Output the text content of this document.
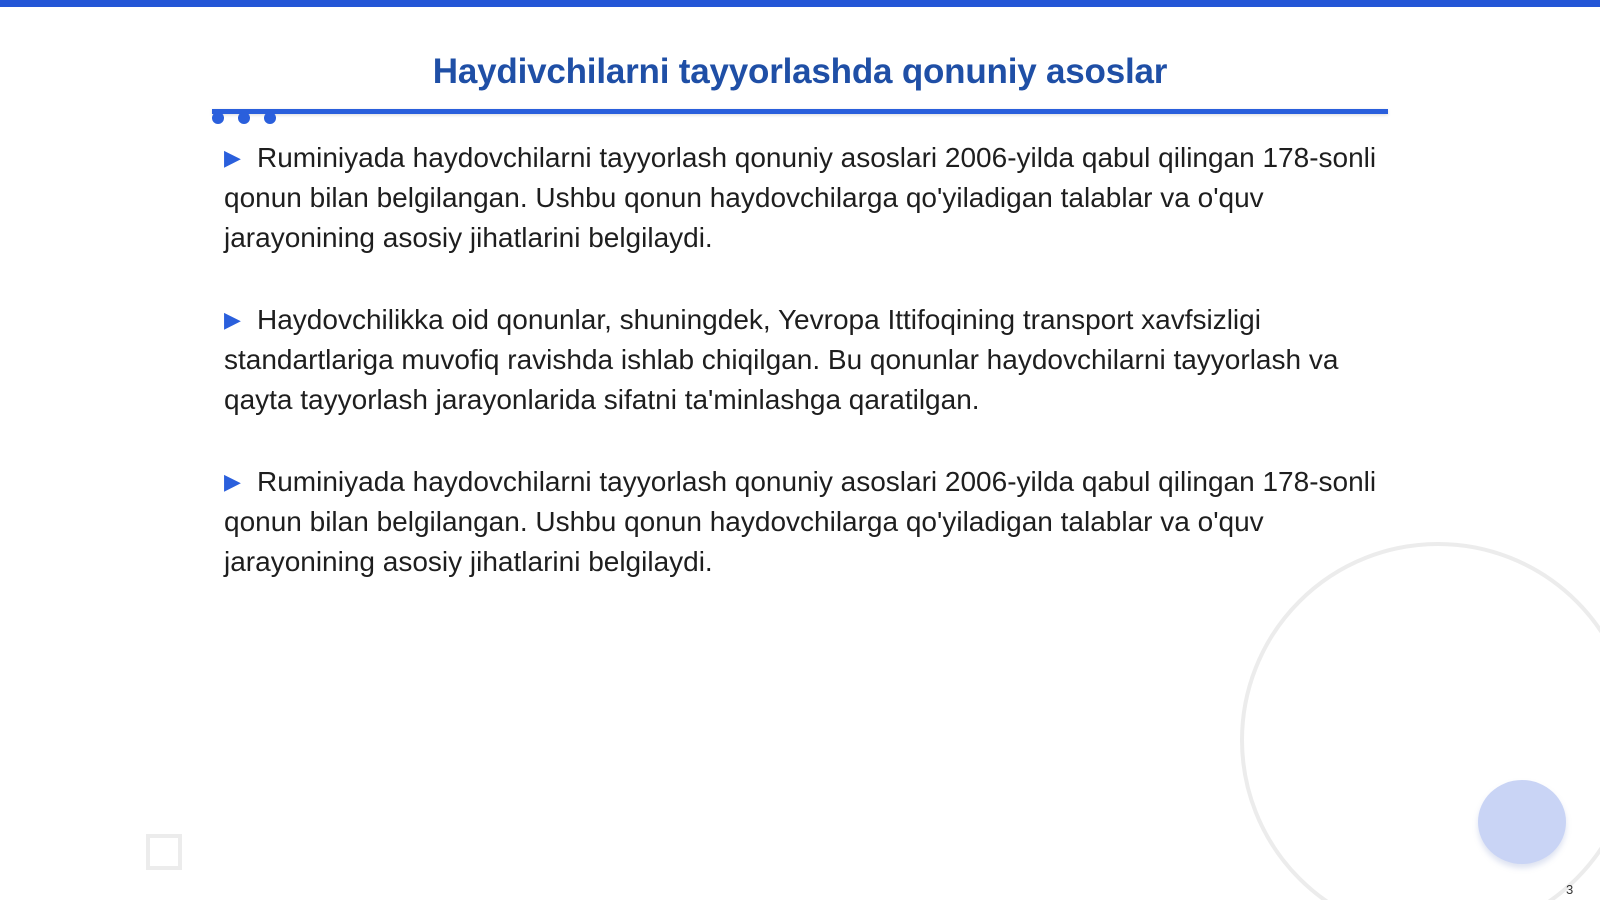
Haydivchilarni tayyorlashda qonuniy asoslar

▶ Ruminiyada haydovchilarni tayyorlash qonuniy asoslari 2006-yilda qabul qilingan 178-sonli qonun bilan belgilangan. Ushbu qonun haydovchilarga qo'yiladigan talablar va o'quv jarayonining asosiy jihatlarini belgilaydi.

▶ Haydovchilikka oid qonunlar, shuningdek, Yevropa Ittifoqining transport xavfsizligi standartlariga muvofiq ravishda ishlab chiqilgan. Bu qonunlar haydovchilarni tayyorlash va qayta tayyorlash jarayonlarida sifatni ta'minlashga qaratilgan.

▶ Ruminiyada haydovchilarni tayyorlash qonuniy asoslari 2006-yilda qabul qilingan 178-sonli qonun bilan belgilangan. Ushbu qonun haydovchilarga qo'yiladigan talablar va o'quv jarayonining asosiy jihatlarini belgilaydi.

3
